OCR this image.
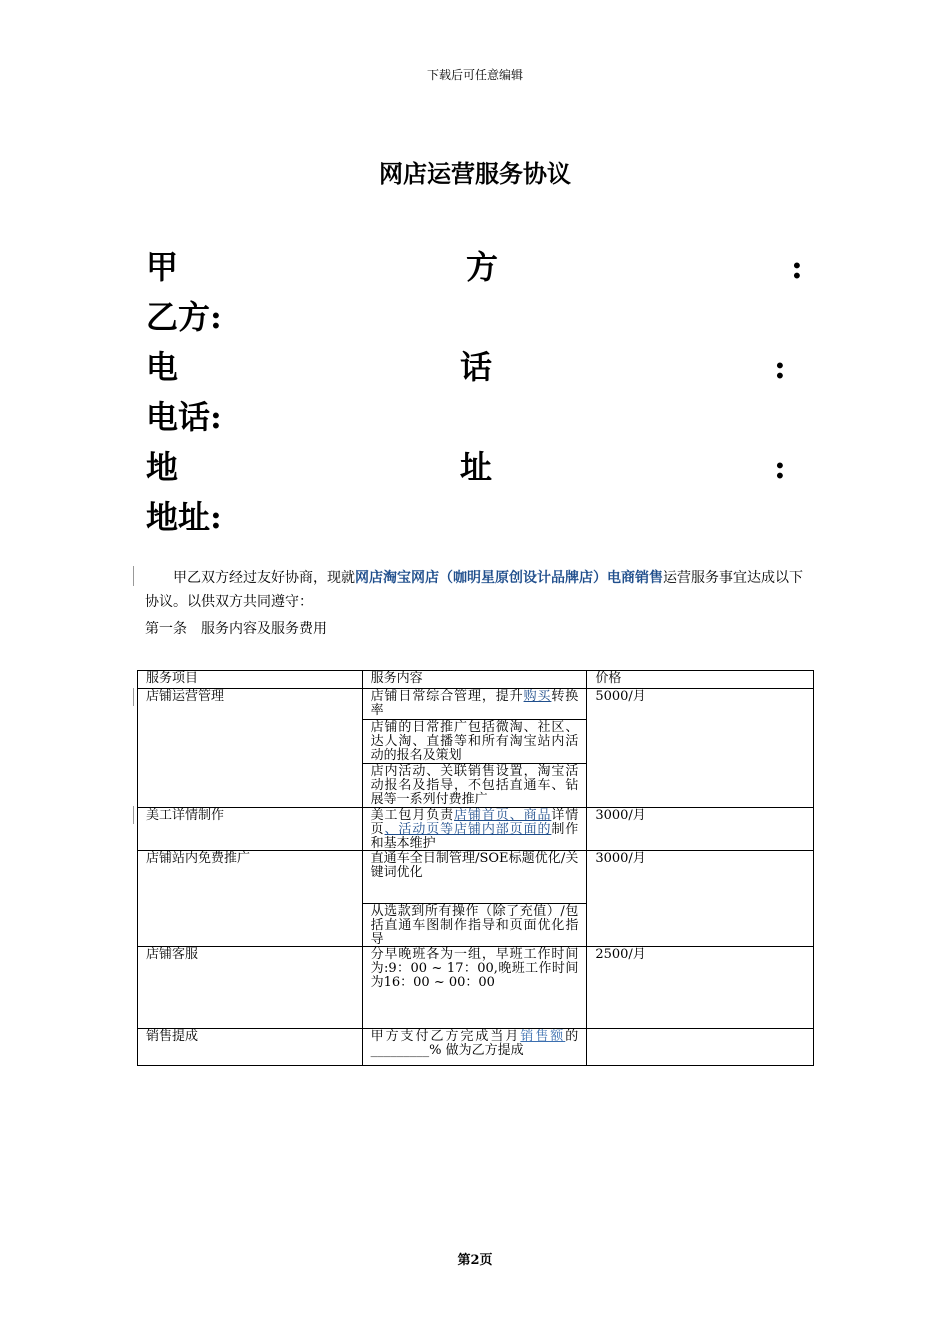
下载后可任意编辑
网店运营服务协议
甲	方	:
乙方:
电	话	:
电话:
地	址	:
地址:
甲乙双方经过友好协商，现就网店淘宝网店（咖明星原创设计品牌店）电商销售运营服务事宜达成以下协议。以供双方共同遵守：
第一条　服务内容及服务费用
服务项目	服务内容	价格
店铺运营管理	店铺日常综合管理，提升购买转换率
店铺的日常推广包括微淘、社区、达人淘、直播等和所有淘宝站内活动的报名及策划
店内活动、关联销售设置，淘宝活动报名及指导，不包括直通车、钻展等一系列付费推广	5000/月
美工详情制作	美工包月负责店铺首页、商品详情页、活动页等店铺内部页面的制作和基本维护	3000/月
店铺站内免费推广	直通车全日制管理/SOE标题优化/关键词优化
从选款到所有操作（除了充值）/包括直通车图制作指导和页面优化指导	3000/月
店铺客服	分早晚班各为一组，早班工作时间为:9：00 ~ 17：00,晚班工作时间为16：00 ~ 00：00	2500/月
销售提成	甲方支付乙方完成当月销售额的_________% 做为乙方提成	

第2页
